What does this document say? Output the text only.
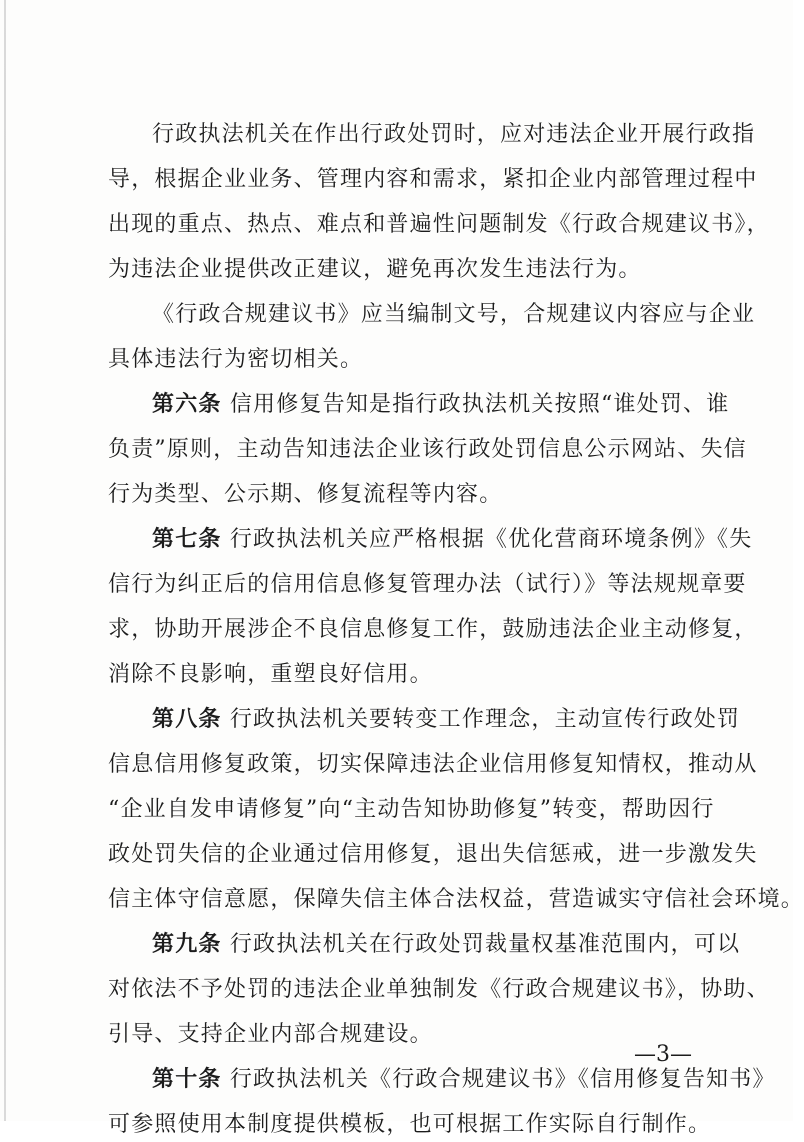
行政执法机关在作出行政处罚时，应对违法企业开展行政指
导，根据企业业务、管理内容和需求，紧扣企业内部管理过程中
出现的重点、热点、难点和普遍性问题制发《行政合规建议书》，
为违法企业提供改正建议，避免再次发生违法行为。
《行政合规建议书》应当编制文号，合规建议内容应与企业
具体违法行为密切相关。
第六条 信用修复告知是指行政执法机关按照“谁处罚、谁
负责”原则，主动告知违法企业该行政处罚信息公示网站、失信
行为类型、公示期、修复流程等内容。
第七条 行政执法机关应严格根据《优化营商环境条例》《失
信行为纠正后的信用信息修复管理办法（试行）》等法规规章要
求，协助开展涉企不良信息修复工作，鼓励违法企业主动修复，
消除不良影响，重塑良好信用。
第八条 行政执法机关要转变工作理念，主动宣传行政处罚
信息信用修复政策，切实保障违法企业信用修复知情权，推动从
“企业自发申请修复”向“主动告知协助修复”转变，帮助因行
政处罚失信的企业通过信用修复，退出失信惩戒，进一步激发失
信主体守信意愿，保障失信主体合法权益，营造诚实守信社会环境。
第九条 行政执法机关在行政处罚裁量权基准范围内，可以
对依法不予处罚的违法企业单独制发《行政合规建议书》，协助、
引导、支持企业内部合规建设。
第十条 行政执法机关《行政合规建议书》《信用修复告知书》
可参照使用本制度提供模板，也可根据工作实际自行制作。
—3—
